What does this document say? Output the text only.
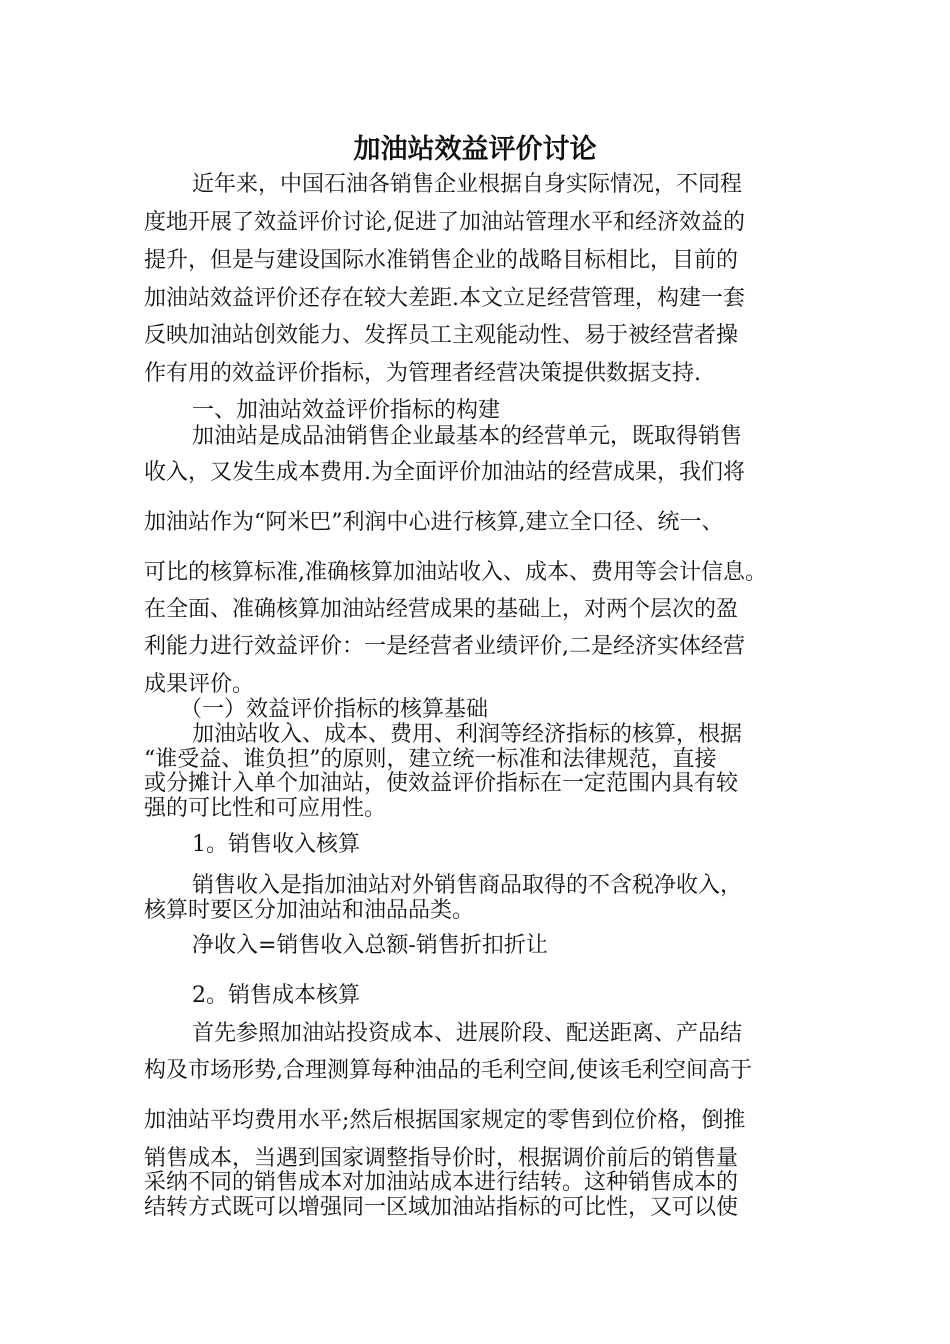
加油站效益评价讨论
近年来，中国石油各销售企业根据自身实际情况，不同程
度地开展了效益评价讨论,促进了加油站管理水平和经济效益的
提升，但是与建设国际水准销售企业的战略目标相比，目前的
加油站效益评价还存在较大差距.本文立足经营管理，构建一套
反映加油站创效能力、发挥员工主观能动性、易于被经营者操
作有用的效益评价指标，为管理者经营决策提供数据支持.
一、加油站效益评价指标的构建
加油站是成品油销售企业最基本的经营单元，既取得销售
收入，又发生成本费用.为全面评价加油站的经营成果，我们将
加油站作为“阿米巴”利润中心进行核算,建立全口径、统一、
可比的核算标准,准确核算加油站收入、成本、费用等会计信息。
在全面、准确核算加油站经营成果的基础上，对两个层次的盈
利能力进行效益评价：一是经营者业绩评价,二是经济实体经营
成果评价。
（一）效益评价指标的核算基础
加油站收入、成本、费用、利润等经济指标的核算，根据
“谁受益、谁负担”的原则，建立统一标准和法律规范，直接
或分摊计入单个加油站，使效益评价指标在一定范围内具有较
强的可比性和可应用性。
1。销售收入核算
销售收入是指加油站对外销售商品取得的不含税净收入，
核算时要区分加油站和油品品类。
净收入=销售收入总额-销售折扣折让
2。销售成本核算
首先参照加油站投资成本、进展阶段、配送距离、产品结
构及市场形势,合理测算每种油品的毛利空间,使该毛利空间高于
加油站平均费用水平;然后根据国家规定的零售到位价格，倒推
销售成本，当遇到国家调整指导价时，根据调价前后的销售量
采纳不同的销售成本对加油站成本进行结转。这种销售成本的
结转方式既可以增强同一区域加油站指标的可比性，又可以使
